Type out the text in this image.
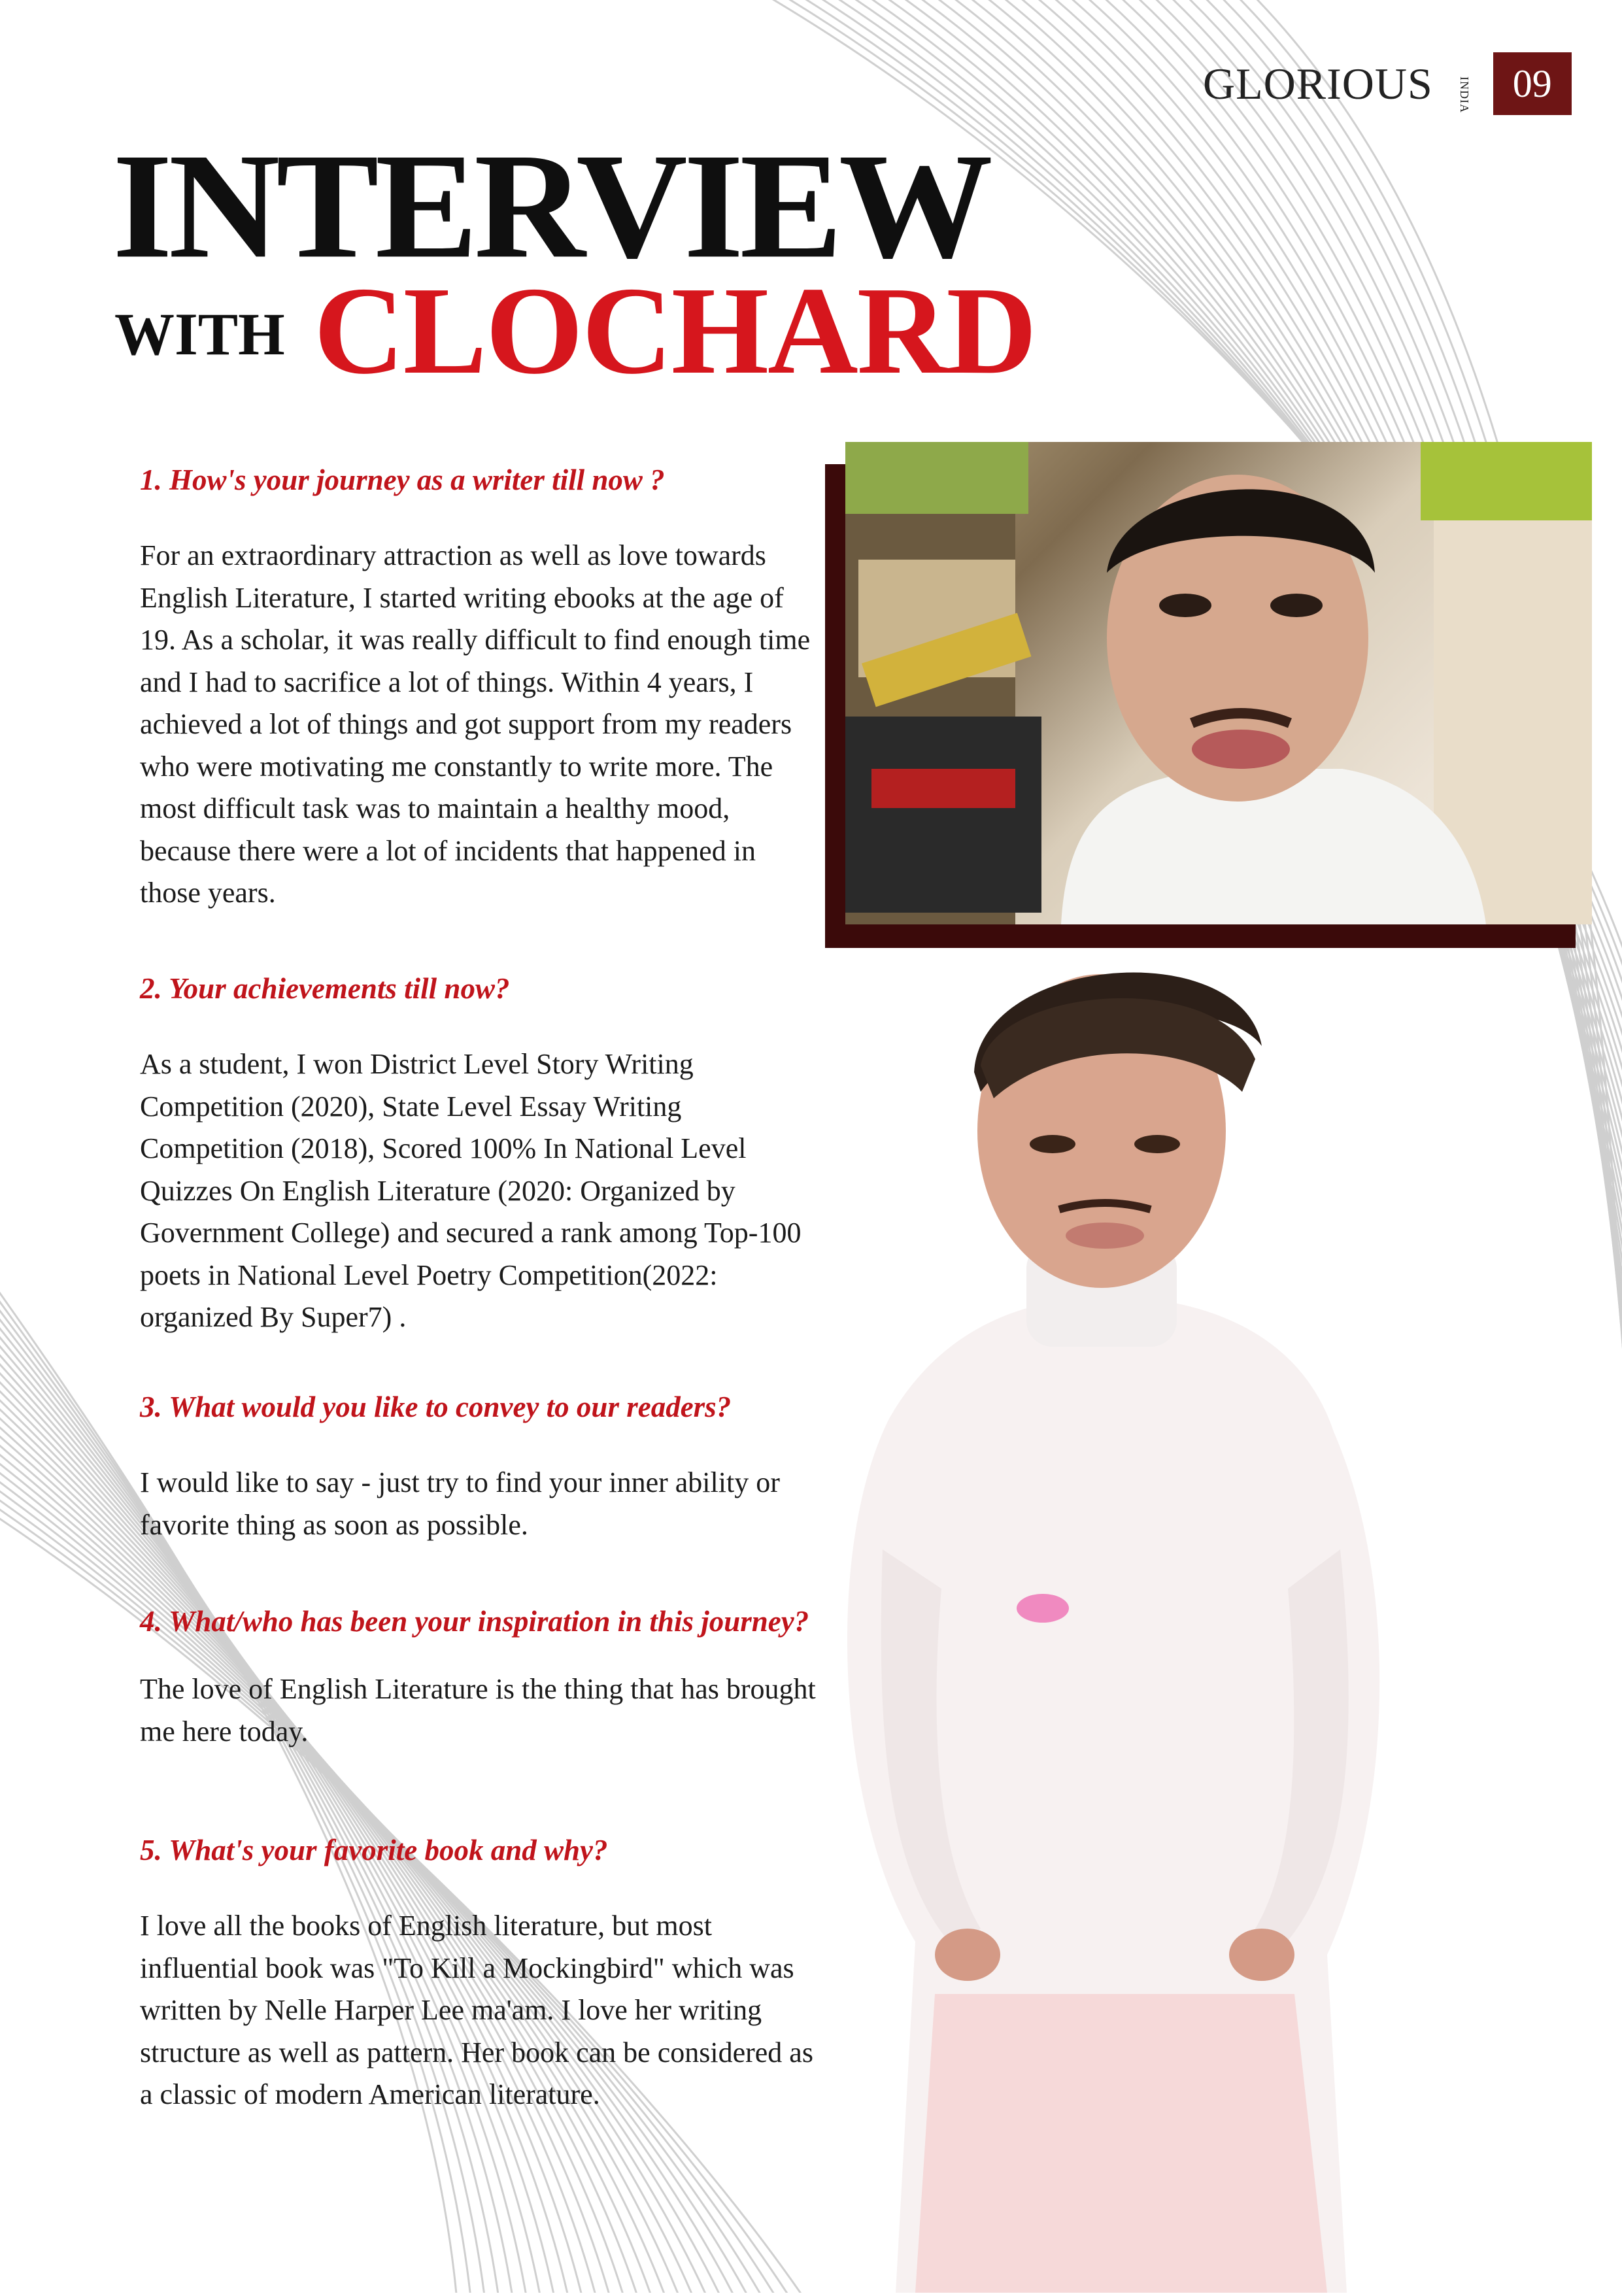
GLORIOUS INDIA	09
INTERVIEW
WITH CLOCHARD

1. How's your journey as a writer till now ?

For an extraordinary attraction as well as love towards English Literature, I started writing ebooks at the age of 19. As a scholar, it was really difficult to find enough time and I had to sacrifice a lot of things. Within 4 years, I achieved a lot of things and got support from my readers who were motivating me constantly to write more. The most difficult task was to maintain a healthy mood, because there were a lot of incidents that happened in those years.

2. Your achievements till now?

As a student, I won District Level Story Writing Competition (2020), State Level Essay Writing Competition (2018), Scored 100% In National Level Quizzes On English Literature (2020: Organized by Government College) and secured a rank among Top-100 poets in National Level Poetry Competition(2022: organized By Super7) .

3. What would you like to convey to our readers?

I would like to say - just try to find your inner ability or favorite thing as soon as possible.

4. What/who has been your inspiration in this journey?

The love of English Literature is the thing that has brought me here today.

5. What's your favorite book and why?

I love all the books of English literature, but most influential book was "To Kill a Mockingbird" which was written by Nelle Harper Lee ma'am. I love her writing structure as well as pattern. Her book can be considered as a classic of modern American literature.
